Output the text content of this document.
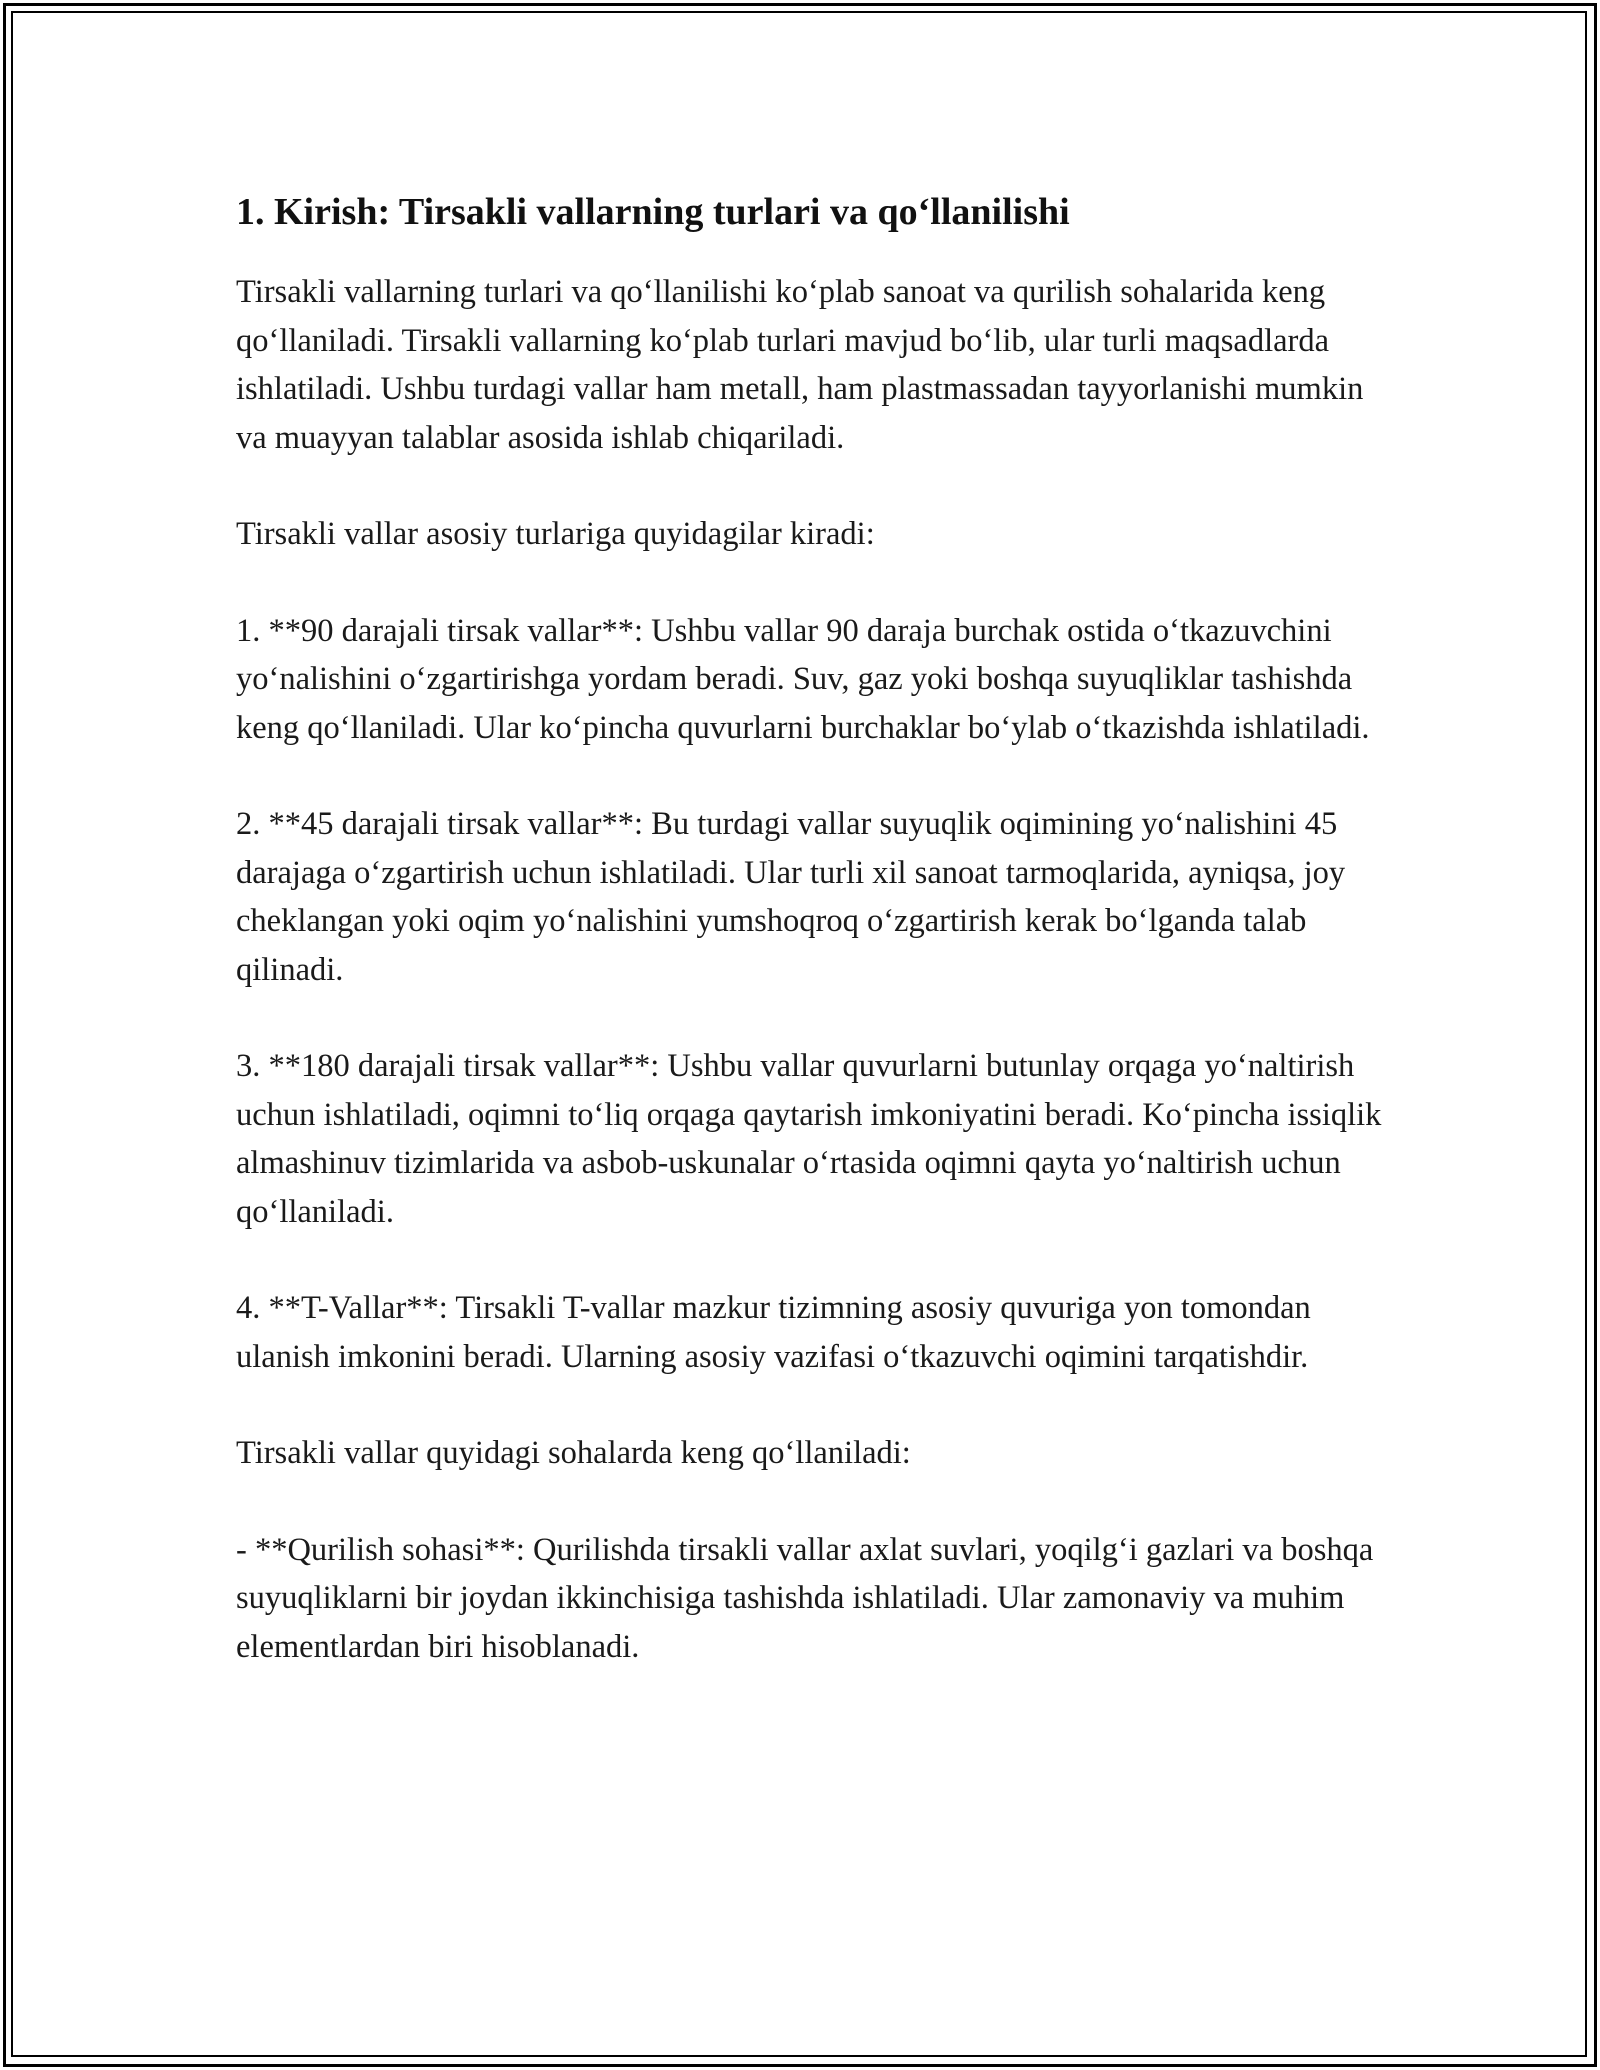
1. Kirish: Tirsakli vallarning turlari va qo‘llanilishi

Tirsakli vallarning turlari va qo‘llanilishi ko‘plab sanoat va qurilish sohalarida keng qo‘llaniladi. Tirsakli vallarning ko‘plab turlari mavjud bo‘lib, ular turli maqsadlarda ishlatiladi. Ushbu turdagi vallar ham metall, ham plastmassadan tayyorlanishi mumkin va muayyan talablar asosida ishlab chiqariladi.

Tirsakli vallar asosiy turlariga quyidagilar kiradi:

1. **90 darajali tirsak vallar**: Ushbu vallar 90 daraja burchak ostida o‘tkazuvchini yo‘nalishini o‘zgartirishga yordam beradi. Suv, gaz yoki boshqa suyuqliklar tashishda keng qo‘llaniladi. Ular ko‘pincha quvurlarni burchaklar bo‘ylab o‘tkazishda ishlatiladi.

2. **45 darajali tirsak vallar**: Bu turdagi vallar suyuqlik oqimining yo‘nalishini 45 darajaga o‘zgartirish uchun ishlatiladi. Ular turli xil sanoat tarmoqlarida, ayniqsa, joy cheklangan yoki oqim yo‘nalishini yumshoqroq o‘zgartirish kerak bo‘lganda talab qilinadi.

3. **180 darajali tirsak vallar**: Ushbu vallar quvurlarni butunlay orqaga yo‘naltirish uchun ishlatiladi, oqimni to‘liq orqaga qaytarish imkoniyatini beradi. Ko‘pincha issiqlik almashinuv tizimlarida va asbob-uskunalar o‘rtasida oqimni qayta yo‘naltirish uchun qo‘llaniladi.

4. **T-Vallar**: Tirsakli T-vallar mazkur tizimning asosiy quvuriga yon tomondan ulanish imkonini beradi. Ularning asosiy vazifasi o‘tkazuvchi oqimini tarqatishdir.

Tirsakli vallar quyidagi sohalarda keng qo‘llaniladi:

- **Qurilish sohasi**: Qurilishda tirsakli vallar axlat suvlari, yoqilg‘i gazlari va boshqa suyuqliklarni bir joydan ikkinchisiga tashishda ishlatiladi. Ular zamonaviy va muhim elementlardan biri hisoblanadi.
